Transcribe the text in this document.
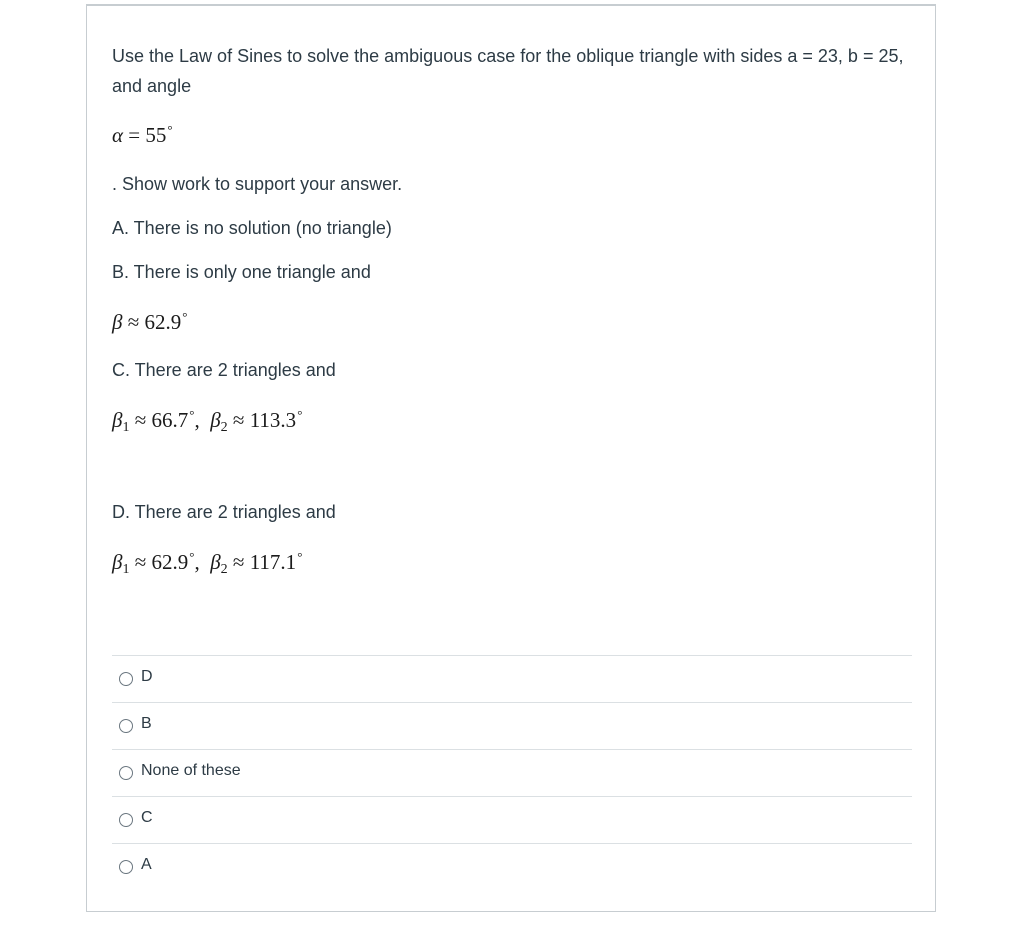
Use the Law of Sines to solve the ambiguous case for the oblique triangle with sides a = 23, b = 25, and angle
α = 55°
. Show work to support your answer.
A. There is no solution (no triangle)
B. There is only one triangle and
β ≈ 62.9°
C. There are 2 triangles and
$\beta_1 \approx 66.7^\circ$,  $\beta_2 \approx 113.3^\circ$
D. There are 2 triangles and
$\beta_1 \approx 62.9^\circ$,  $\beta_2 \approx 117.1^\circ$
D
B
None of these
C
A
